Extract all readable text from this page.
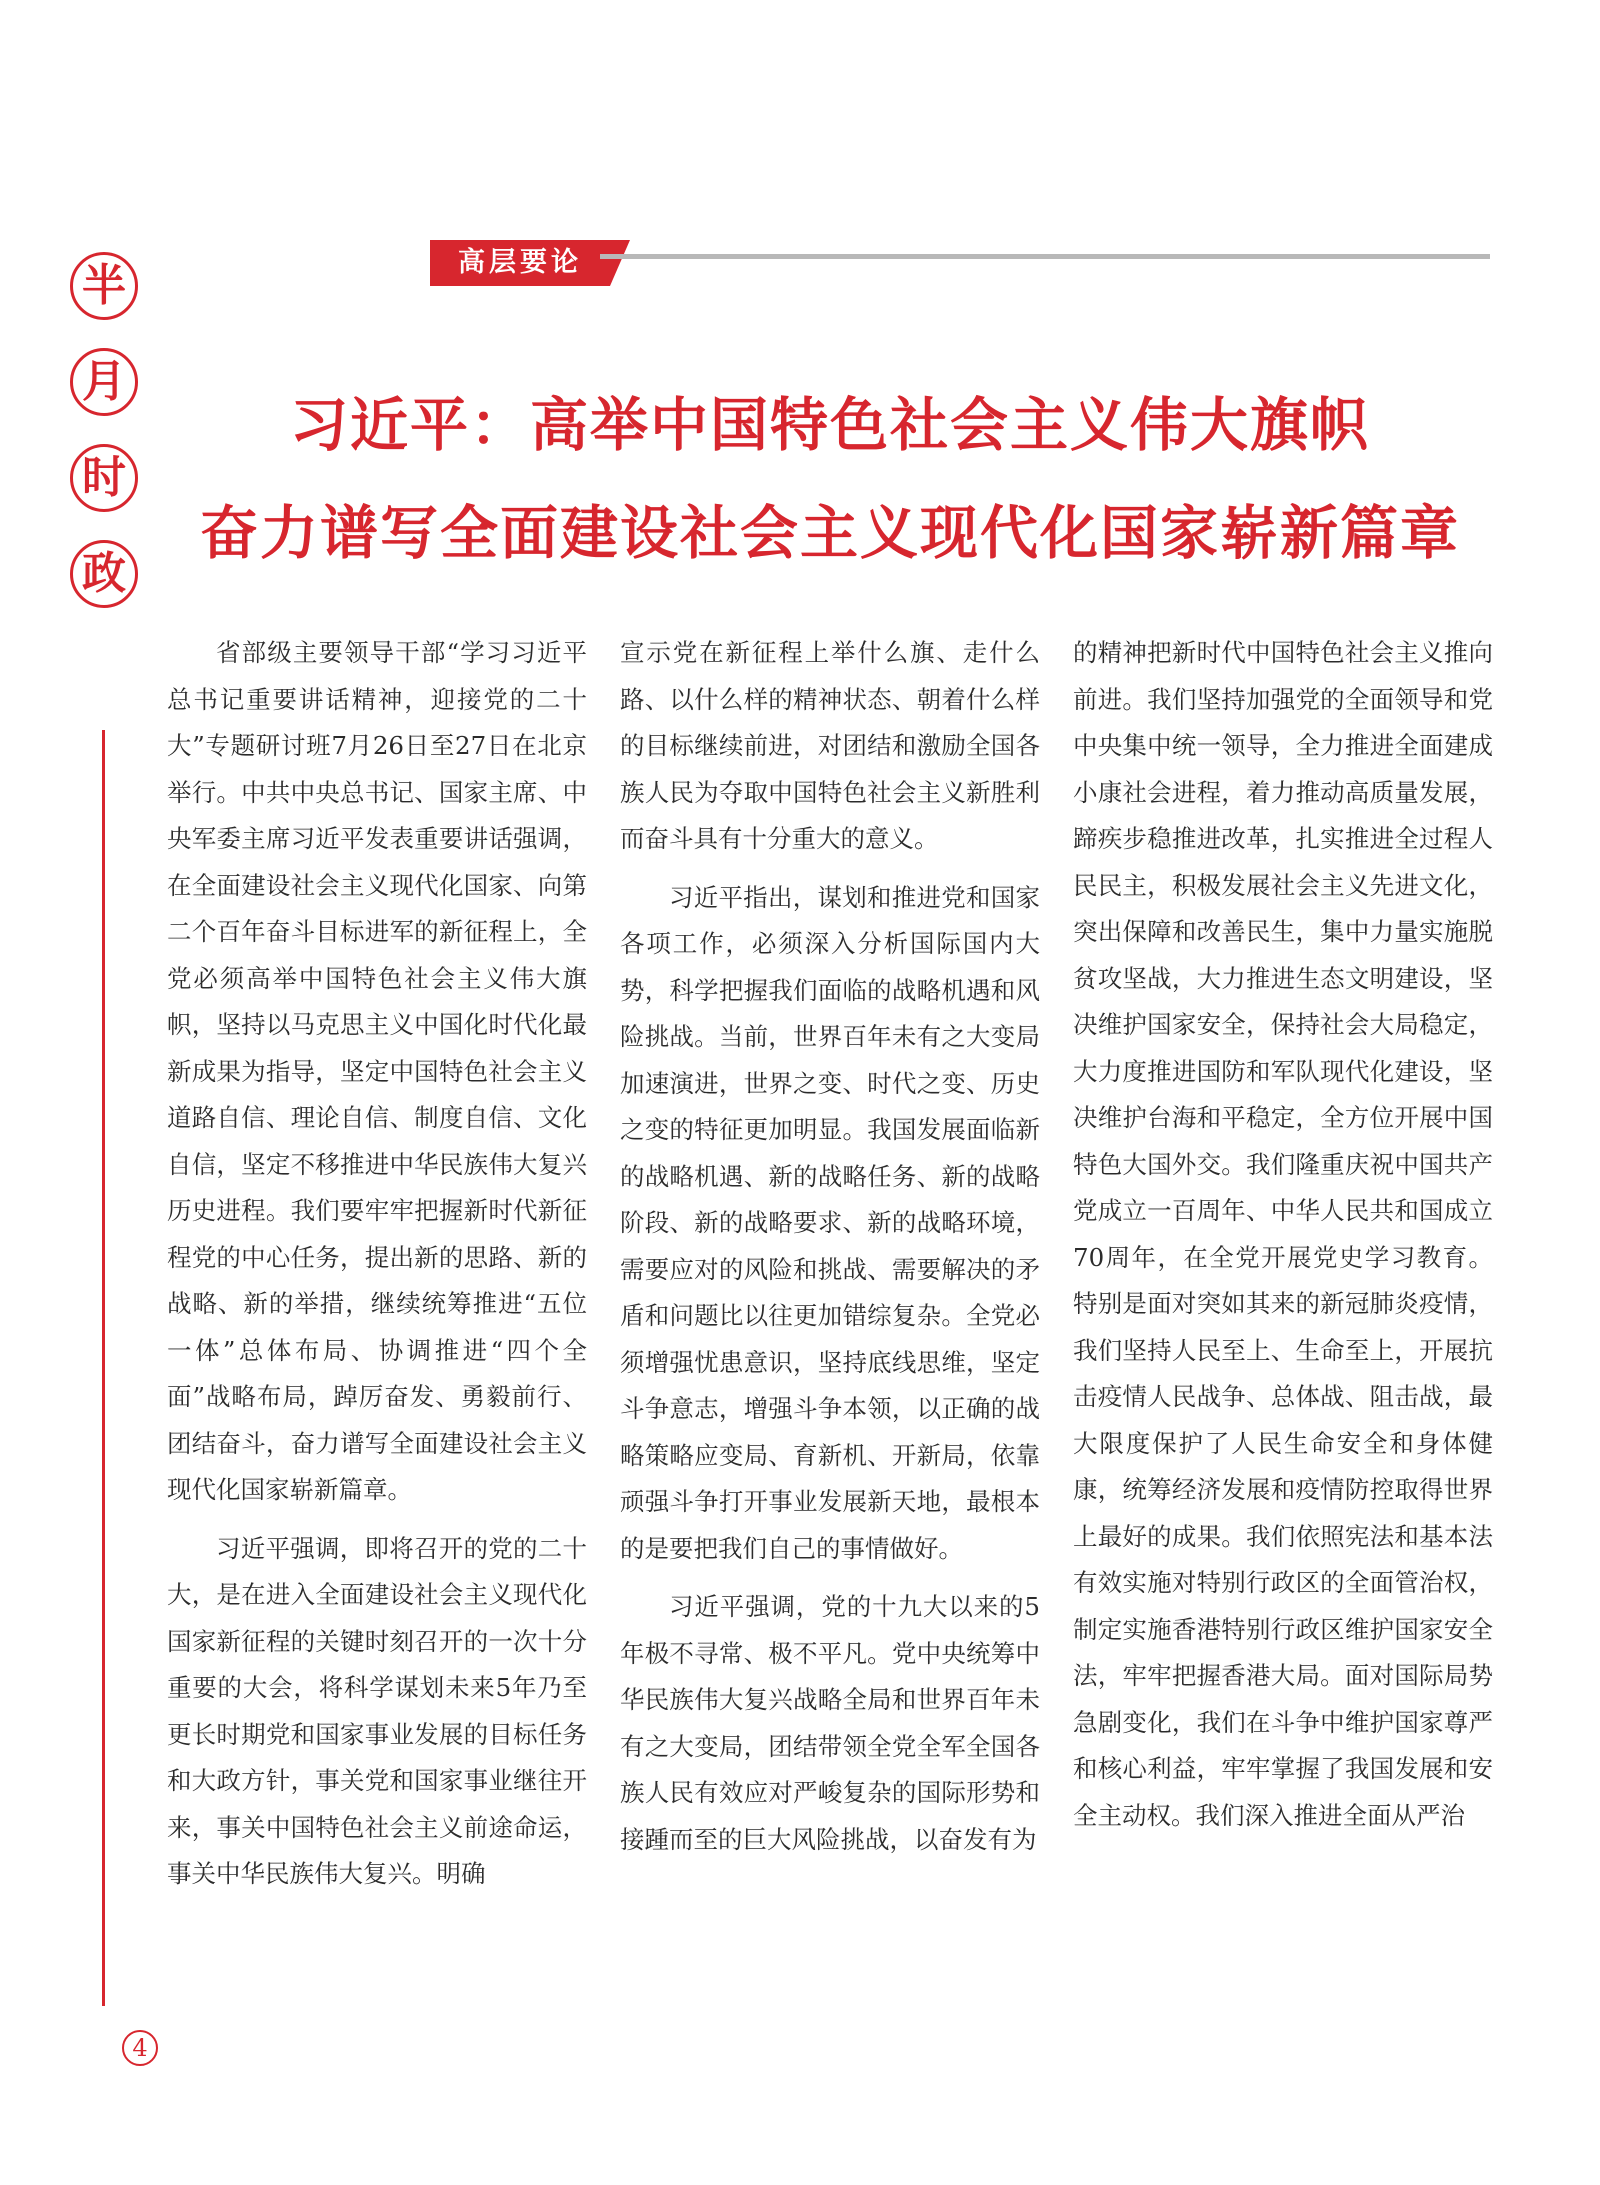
半
月
时
政
4
高层要论
习近平：高举中国特色社会主义伟大旗帜
奋力谱写全面建设社会主义现代化国家崭新篇章

省部级主要领导干部“学习习近平总书记重要讲话精神，迎接党的二十大”专题研讨班7月26日至27日在北京举行。中共中央总书记、国家主席、中央军委主席习近平发表重要讲话强调，在全面建设社会主义现代化国家、向第二个百年奋斗目标进军的新征程上，全党必须高举中国特色社会主义伟大旗帜，坚持以马克思主义中国化时代化最新成果为指导，坚定中国特色社会主义道路自信、理论自信、制度自信、文化自信，坚定不移推进中华民族伟大复兴历史进程。我们要牢牢把握新时代新征程党的中心任务，提出新的思路、新的战略、新的举措，继续统筹推进“五位一体”总体布局、协调推进“四个全面”战略布局，踔厉奋发、勇毅前行、团结奋斗，奋力谱写全面建设社会主义现代化国家崭新篇章。

习近平强调，即将召开的党的二十大，是在进入全面建设社会主义现代化国家新征程的关键时刻召开的一次十分重要的大会，将科学谋划未来5年乃至更长时期党和国家事业发展的目标任务和大政方针，事关党和国家事业继往开来，事关中国特色社会主义前途命运，事关中华民族伟大复兴。明确

宣示党在新征程上举什么旗、走什么路、以什么样的精神状态、朝着什么样的目标继续前进，对团结和激励全国各族人民为夺取中国特色社会主义新胜利而奋斗具有十分重大的意义。

习近平指出，谋划和推进党和国家各项工作，必须深入分析国际国内大势，科学把握我们面临的战略机遇和风险挑战。当前，世界百年未有之大变局加速演进，世界之变、时代之变、历史之变的特征更加明显。我国发展面临新的战略机遇、新的战略任务、新的战略阶段、新的战略要求、新的战略环境，需要应对的风险和挑战、需要解决的矛盾和问题比以往更加错综复杂。全党必须增强忧患意识，坚持底线思维，坚定斗争意志，增强斗争本领，以正确的战略策略应变局、育新机、开新局，依靠顽强斗争打开事业发展新天地，最根本的是要把我们自己的事情做好。

习近平强调，党的十九大以来的5年极不寻常、极不平凡。党中央统筹中华民族伟大复兴战略全局和世界百年未有之大变局，团结带领全党全军全国各族人民有效应对严峻复杂的国际形势和接踵而至的巨大风险挑战，以奋发有为

的精神把新时代中国特色社会主义推向前进。我们坚持加强党的全面领导和党中央集中统一领导，全力推进全面建成小康社会进程，着力推动高质量发展，蹄疾步稳推进改革，扎实推进全过程人民民主，积极发展社会主义先进文化，突出保障和改善民生，集中力量实施脱贫攻坚战，大力推进生态文明建设，坚决维护国家安全，保持社会大局稳定，大力度推进国防和军队现代化建设，坚决维护台海和平稳定，全方位开展中国特色大国外交。我们隆重庆祝中国共产党成立一百周年、中华人民共和国成立70周年，在全党开展党史学习教育。特别是面对突如其来的新冠肺炎疫情，我们坚持人民至上、生命至上，开展抗击疫情人民战争、总体战、阻击战，最大限度保护了人民生命安全和身体健康，统筹经济发展和疫情防控取得世界上最好的成果。我们依照宪法和基本法有效实施对特别行政区的全面管治权，制定实施香港特别行政区维护国家安全法，牢牢把握香港大局。面对国际局势急剧变化，我们在斗争中维护国家尊严和核心利益，牢牢掌握了我国发展和安全主动权。我们深入推进全面从严治
